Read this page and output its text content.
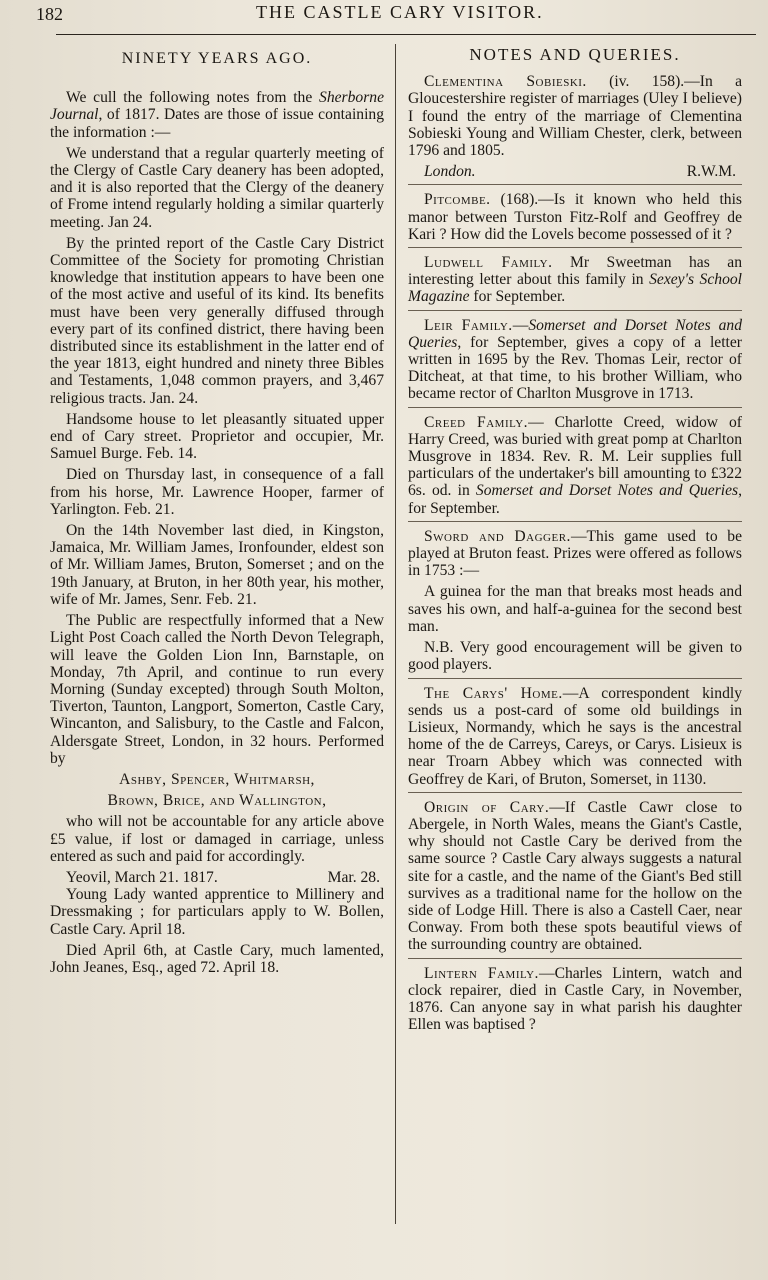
182	THE CASTLE CARY VISITOR.
NINETY YEARS AGO.

We cull the following notes from the Sherborne Journal, of 1817. Dates are those of issue containing the information :—

We understand that a regular quarterly meeting of the Clergy of Castle Cary deanery has been adopted, and it is also reported that the Clergy of the deanery of Frome intend regularly holding a similar quarterly meeting. Jan 24.

By the printed report of the Castle Cary District Committee of the Society for promoting Christian knowledge that institution appears to have been one of the most active and useful of its kind. Its benefits must have been very generally diffused through every part of its confined district, there having been distributed since its establishment in the latter end of the year 1813, eight hundred and ninety three Bibles and Testaments, 1,048 common prayers, and 3,467 religious tracts. Jan. 24.

Handsome house to let pleasantly situated upper end of Cary street. Proprietor and occupier, Mr. Samuel Burge. Feb. 14.

Died on Thursday last, in consequence of a fall from his horse, Mr. Lawrence Hooper, farmer of Yarlington. Feb. 21.

On the 14th November last died, in Kingston, Jamaica, Mr. William James, Ironfounder, eldest son of Mr. William James, Bruton, Somerset ; and on the 19th January, at Bruton, in her 80th year, his mother, wife of Mr. James, Senr. Feb. 21.

The Public are respectfully informed that a New Light Post Coach called the North Devon Telegraph, will leave the Golden Lion Inn, Barnstaple, on Monday, 7th April, and continue to run every Morning (Sunday excepted) through South Molton, Tiverton, Taunton, Langport, Somerton, Castle Cary, Wincanton, and Salisbury, to the Castle and Falcon, Aldersgate Street, London, in 32 hours. Performed by

Ashby, Spencer, Whitmarsh,

Brown, Brice, and Wallington,

who will not be accountable for any article above £5 value, if lost or damaged in carriage, unless entered as such and paid for accordingly.

Yeovil, March 21. 1817.	Mar. 28.

Young Lady wanted apprentice to Millinery and Dressmaking ; for particulars apply to W. Bollen, Castle Cary. April 18.

Died April 6th, at Castle Cary, much lamented, John Jeanes, Esq., aged 72. April 18.

NOTES AND QUERIES.

Clementina Sobieski. (iv. 158).—In a Gloucestershire register of marriages (Uley I believe) I found the entry of the marriage of Clementina Sobieski Young and William Chester, clerk, between 1796 and 1805.

London.	R.W.M.

Pitcombe. (168).—Is it known who held this manor between Turston Fitz-Rolf and Geoffrey de Kari ? How did the Lovels become possessed of it ?

Ludwell Family. Mr Sweetman has an interesting letter about this family in Sexey's School Magazine for September.

Leir Family.—Somerset and Dorset Notes and Queries, for September, gives a copy of a letter written in 1695 by the Rev. Thomas Leir, rector of Ditcheat, at that time, to his brother William, who became rector of Charlton Musgrove in 1713.

Creed Family.— Charlotte Creed, widow of Harry Creed, was buried with great pomp at Charlton Musgrove in 1834. Rev. R. M. Leir supplies full particulars of the undertaker's bill amounting to £322 6s. od. in Somerset and Dorset Notes and Queries, for September.

Sword and Dagger.—This game used to be played at Bruton feast. Prizes were offered as follows in 1753 :—

A guinea for the man that breaks most heads and saves his own, and half-a-guinea for the second best man.

N.B. Very good encouragement will be given to good players.

The Carys' Home.—A correspondent kindly sends us a post-card of some old buildings in Lisieux, Normandy, which he says is the ancestral home of the de Carreys, Careys, or Carys. Lisieux is near Troarn Abbey which was connected with Geoffrey de Kari, of Bruton, Somerset, in 1130.

Origin of Cary.—If Castle Cawr close to Abergele, in North Wales, means the Giant's Castle, why should not Castle Cary be derived from the same source ? Castle Cary always suggests a natural site for a castle, and the name of the Giant's Bed still survives as a traditional name for the hollow on the side of Lodge Hill. There is also a Castell Caer, near Conway. From both these spots beautiful views of the surrounding country are obtained.

Lintern Family.—Charles Lintern, watch and clock repairer, died in Castle Cary, in November, 1876. Can anyone say in what parish his daughter Ellen was baptised ?
